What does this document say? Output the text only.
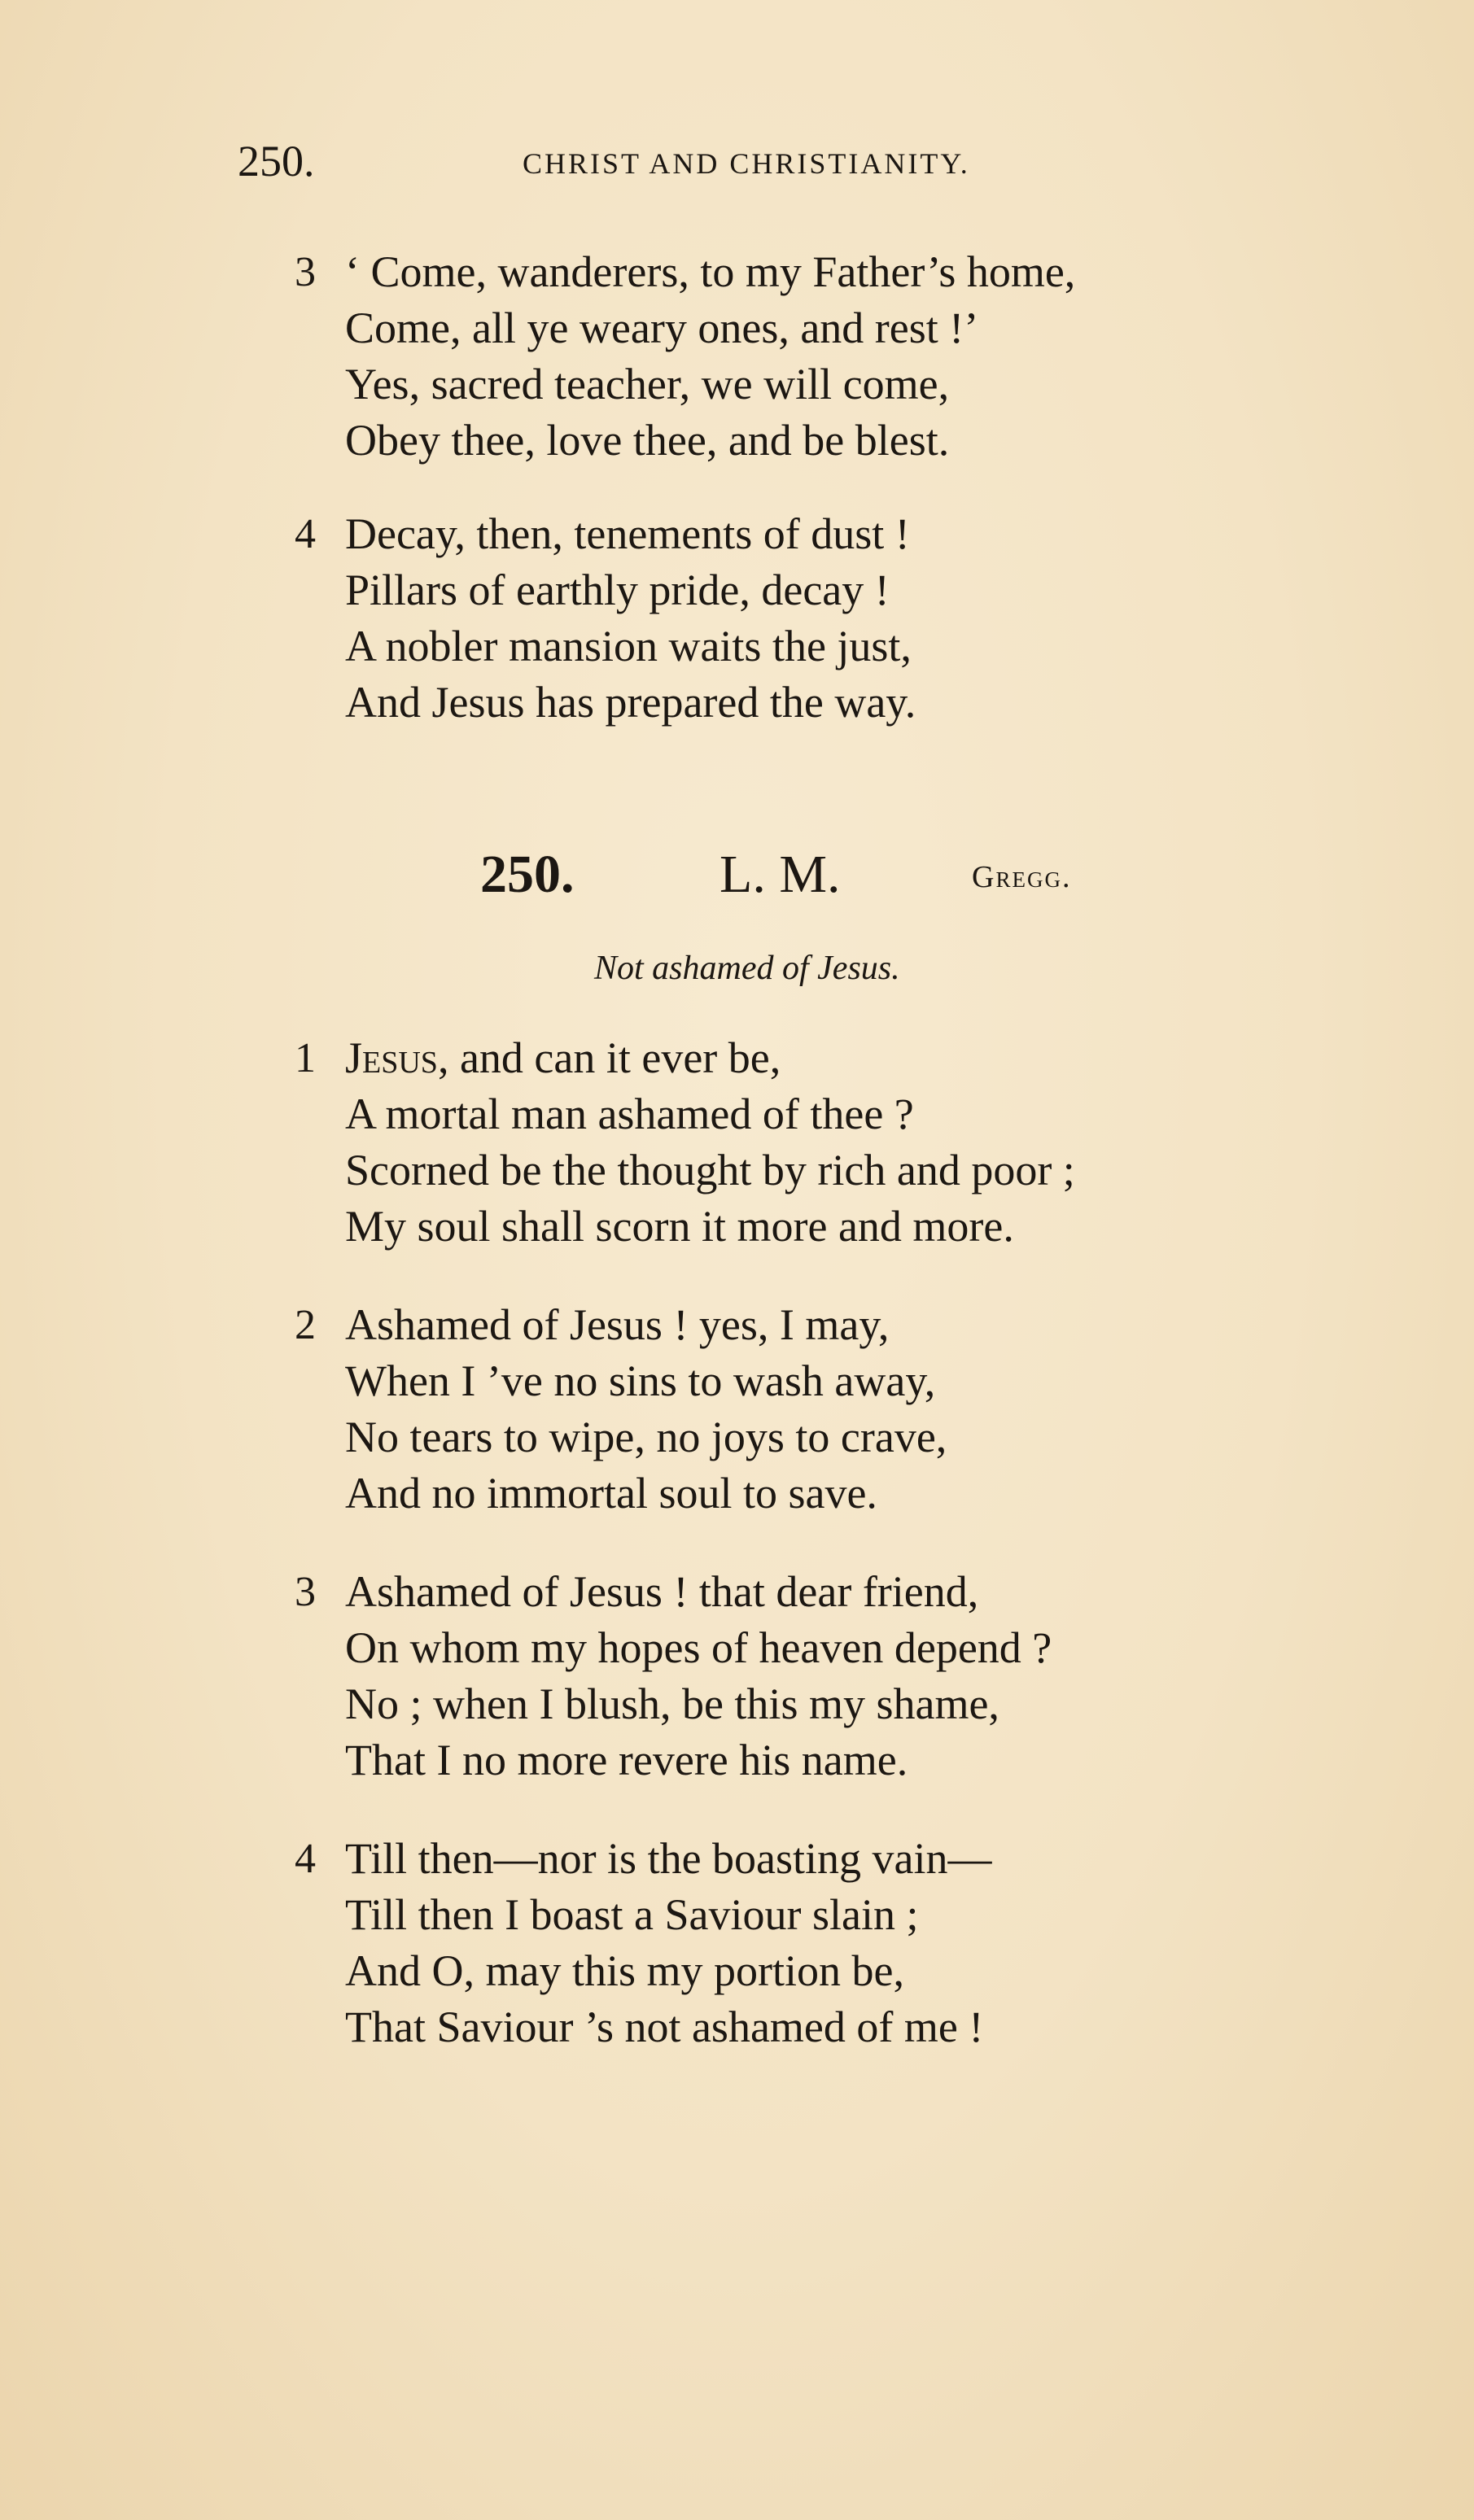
250.	CHRIST AND CHRISTIANITY.
3 ‘ Come, wanderers, to my Father’s home,
Come, all ye weary ones, and rest !’
Yes, sacred teacher, we will come,
Obey thee, love thee, and be blest.
4 Decay, then, tenements of dust !
Pillars of earthly pride, decay !
A nobler mansion waits the just,
And Jesus has prepared the way.
250.	L. M.	Gregg.
Not ashamed of Jesus.
1 Jesus, and can it ever be,
A mortal man ashamed of thee ?
Scorned be the thought by rich and poor ;
My soul shall scorn it more and more.
2 Ashamed of Jesus ! yes, I may,
When I ’ve no sins to wash away,
No tears to wipe, no joys to crave,
And no immortal soul to save.
3 Ashamed of Jesus ! that dear friend,
On whom my hopes of heaven depend ?
No ; when I blush, be this my shame,
That I no more revere his name.
4 Till then—nor is the boasting vain—
Till then I boast a Saviour slain ;
And O, may this my portion be,
That Saviour ’s not ashamed of me !
